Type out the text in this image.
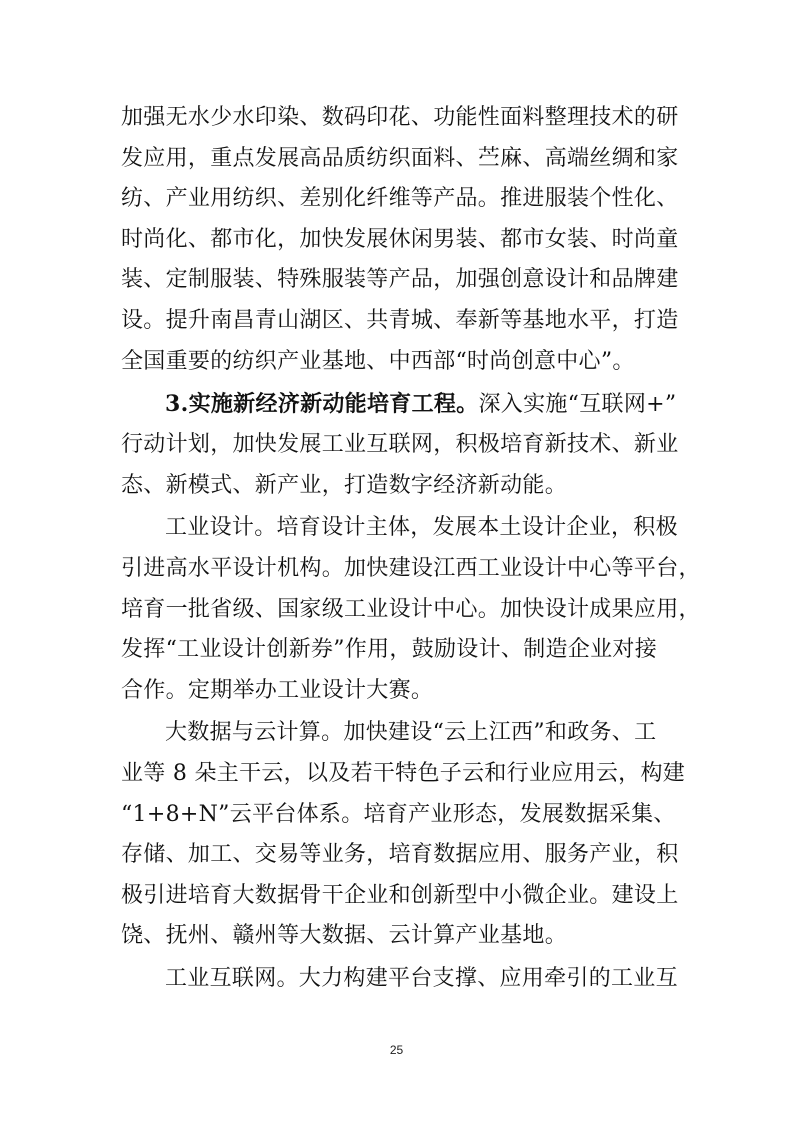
加强无水少水印染、数码印花、功能性面料整理技术的研
发应用，重点发展高品质纺织面料、苎麻、高端丝绸和家
纺、产业用纺织、差别化纤维等产品。推进服装个性化、
时尚化、都市化，加快发展休闲男装、都市女装、时尚童
装、定制服装、特殊服装等产品，加强创意设计和品牌建
设。提升南昌青山湖区、共青城、奉新等基地水平，打造
全国重要的纺织产业基地、中西部“时尚创意中心”。
3.实施新经济新动能培育工程。深入实施“互联网+”
行动计划，加快发展工业互联网，积极培育新技术、新业
态、新模式、新产业，打造数字经济新动能。
工业设计。培育设计主体，发展本土设计企业，积极
引进高水平设计机构。加快建设江西工业设计中心等平台，
培育一批省级、国家级工业设计中心。加快设计成果应用，
发挥“工业设计创新券”作用，鼓励设计、制造企业对接
合作。定期举办工业设计大赛。
大数据与云计算。加快建设“云上江西”和政务、工
业等 8 朵主干云，以及若干特色子云和行业应用云，构建
“1+8+N”云平台体系。培育产业形态，发展数据采集、
存储、加工、交易等业务，培育数据应用、服务产业，积
极引进培育大数据骨干企业和创新型中小微企业。建设上
饶、抚州、赣州等大数据、云计算产业基地。
工业互联网。大力构建平台支撑、应用牵引的工业互
25
